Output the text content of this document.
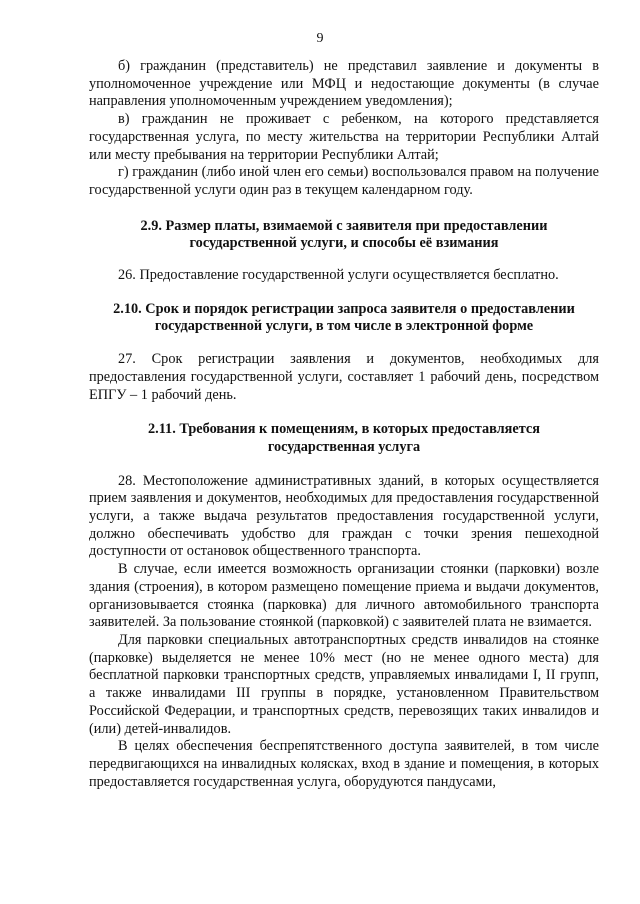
9

б) гражданин (представитель) не представил заявление и документы в уполномоченное учреждение или МФЦ и недостающие документы (в случае направления уполномоченным учреждением уведомления);

в) гражданин не проживает с ребенком, на которого представляется государственная услуга, по месту жительства на территории Республики Алтай или месту пребывания на территории Республики Алтай;

г) гражданин (либо иной член его семьи) воспользовался правом на получение государственной услуги один раз в текущем календарном году.

2.9. Размер платы, взимаемой с заявителя при предоставлении
государственной услуги, и способы её взимания

26. Предоставление государственной услуги осуществляется бесплатно.

2.10. Срок и порядок регистрации запроса заявителя о предоставлении
государственной услуги, в том числе в электронной форме

27. Срок регистрации заявления и документов, необходимых для предоставления государственной услуги, составляет 1 рабочий день, посредством ЕПГУ – 1 рабочий день.

2.11. Требования к помещениям, в которых предоставляется
государственная услуга

28. Местоположение административных зданий, в которых осуществляется прием заявления и документов, необходимых для предоставления государственной услуги, а также выдача результатов предоставления государственной услуги, должно обеспечивать удобство для граждан с точки зрения пешеходной доступности от остановок общественного транспорта.

В случае, если имеется возможность организации стоянки (парковки) возле здания (строения), в котором размещено помещение приема и выдачи документов, организовывается стоянка (парковка) для личного автомобильного транспорта заявителей. За пользование стоянкой (парковкой) с заявителей плата не взимается.

Для парковки специальных автотранспортных средств инвалидов на стоянке (парковке) выделяется не менее 10% мест (но не менее одного места) для бесплатной парковки транспортных средств, управляемых инвалидами I, II групп, а также инвалидами III группы в порядке, установленном Правительством Российской Федерации, и транспортных средств, перевозящих таких инвалидов и (или) детей-инвалидов.

В целях обеспечения беспрепятственного доступа заявителей, в том числе передвигающихся на инвалидных колясках, вход в здание и помещения, в которых предоставляется государственная услуга, оборудуются пандусами,
